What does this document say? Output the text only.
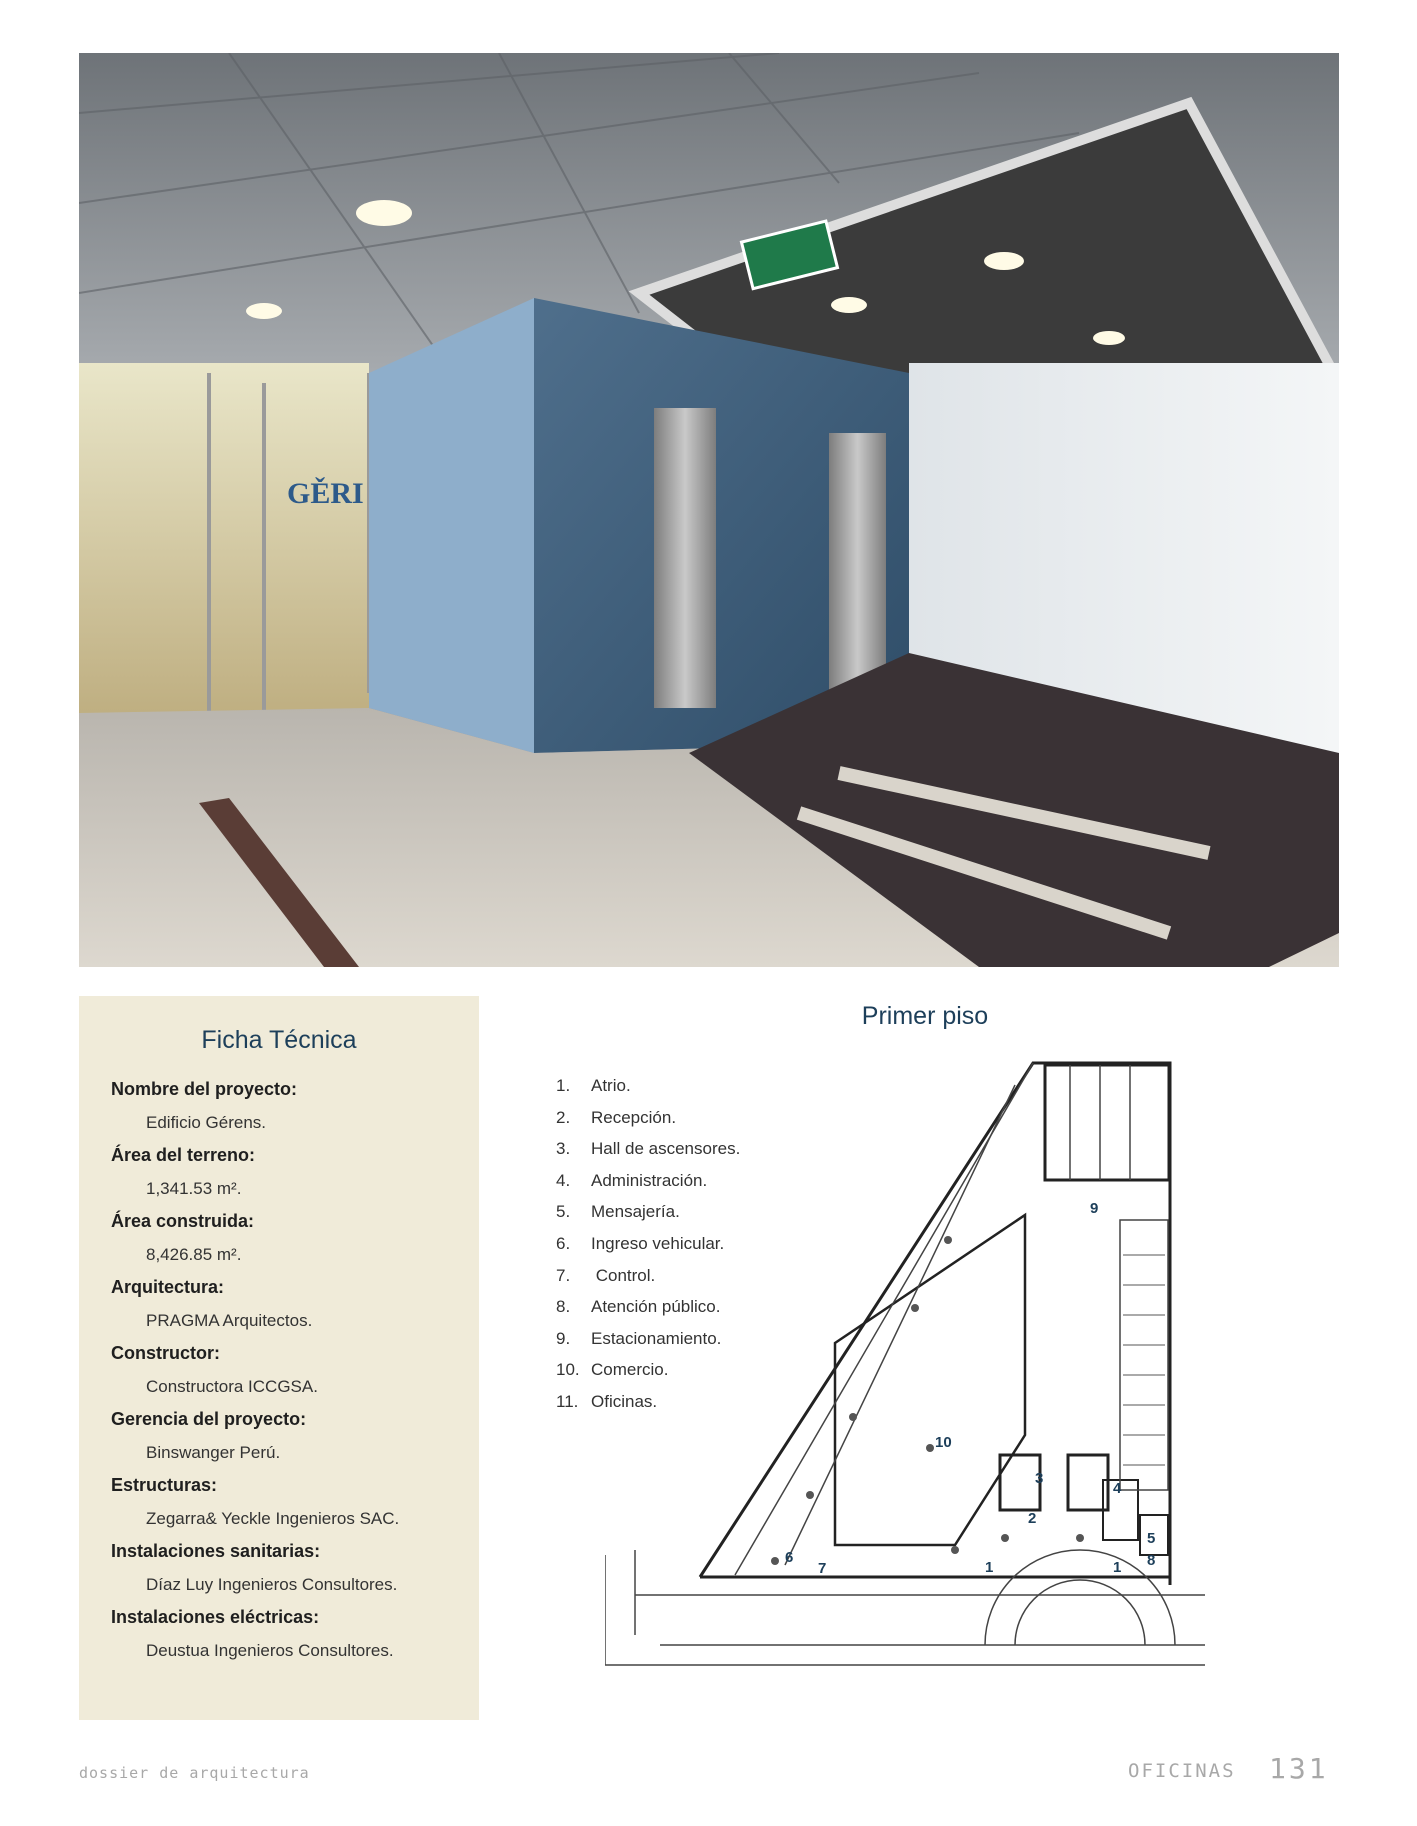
GĚRI
Ficha Técnica

Nombre del proyecto:

Edificio Gérens.

Área del terreno:

1,341.53 m².

Área construida:

8,426.85 m².

Arquitectura:

PRAGMA Arquitectos.

Constructor:

Constructora ICCGSA.

Gerencia del proyecto:

Binswanger Perú.

Estructuras:

Zegarra& Yeckle Ingenieros SAC.

Instalaciones sanitarias:

Díaz Luy Ingenieros Consultores.

Instalaciones eléctricas:

Deustua Ingenieros Consultores.

Primer piso
1. Atrio.
2. Recepción.
3. Hall de ascensores.
4. Administración.
5. Mensajería.
6. Ingreso vehicular.
7. Control.
8. Atención público.
9. Estacionamiento.
10. Comercio.
11. Oficinas.
1	1
2
3
4
5
8
6
7
9
10
dossier de arquitectura	OFICINAS 131
